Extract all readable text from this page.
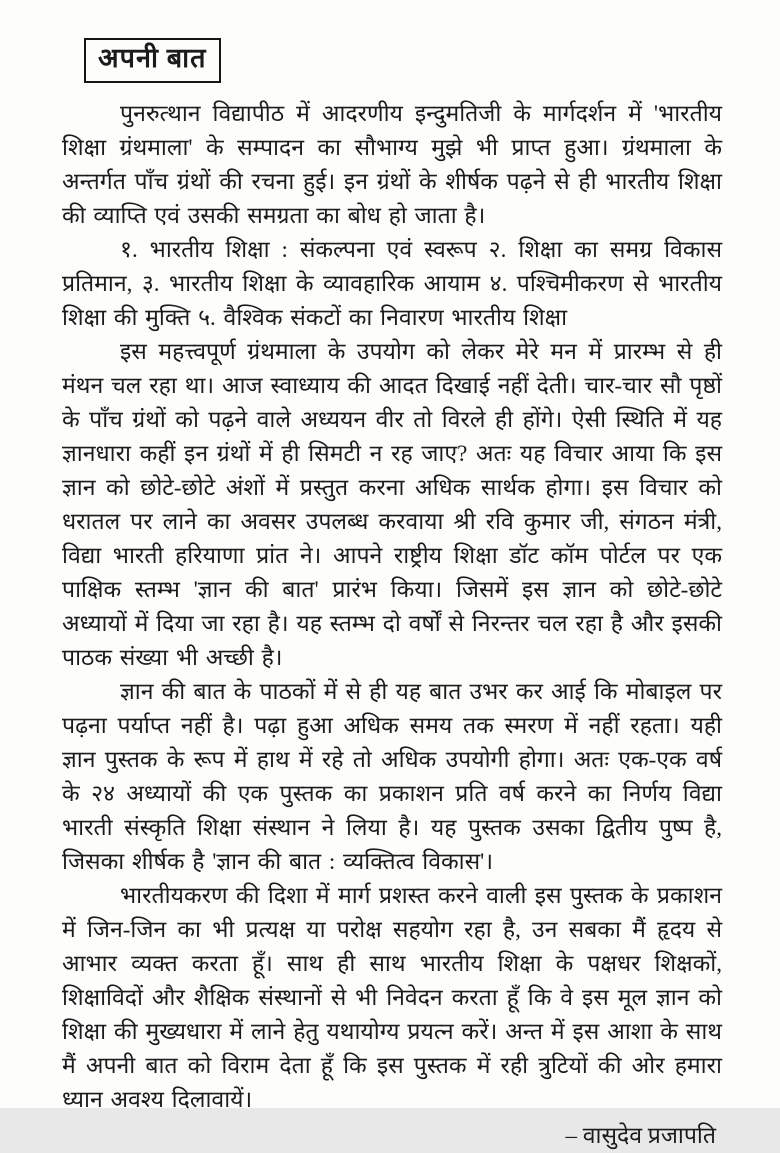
अपनी बात

पुनरुत्थान विद्यापीठ में आदरणीय इन्दुमतिजी के मार्गदर्शन में 'भारतीय शिक्षा ग्रंथमाला' के सम्पादन का सौभाग्य मुझे भी प्राप्त हुआ। ग्रंथमाला के अन्तर्गत पाँच ग्रंथों की रचना हुई। इन ग्रंथों के शीर्षक पढ़ने से ही भारतीय शिक्षा की व्याप्ति एवं उसकी समग्रता का बोध हो जाता है।

१. भारतीय शिक्षा : संकल्पना एवं स्वरूप २. शिक्षा का समग्र विकास प्रतिमान, ३. भारतीय शिक्षा के व्यावहारिक आयाम ४. पश्चिमीकरण से भारतीय शिक्षा की मुक्ति ५. वैश्विक संकटों का निवारण भारतीय शिक्षा

इस महत्त्वपूर्ण ग्रंथमाला के उपयोग को लेकर मेरे मन में प्रारम्भ से ही मंथन चल रहा था। आज स्वाध्याय की आदत दिखाई नहीं देती। चार-चार सौ पृष्ठों के पाँच ग्रंथों को पढ़ने वाले अध्ययन वीर तो विरले ही होंगे। ऐसी स्थिति में यह ज्ञानधारा कहीं इन ग्रंथों में ही सिमटी न रह जाए? अतः यह विचार आया कि इस ज्ञान को छोटे-छोटे अंशों में प्रस्तुत करना अधिक सार्थक होगा। इस विचार को धरातल पर लाने का अवसर उपलब्ध करवाया श्री रवि कुमार जी, संगठन मंत्री, विद्या भारती हरियाणा प्रांत ने। आपने राष्ट्रीय शिक्षा डॉट कॉम पोर्टल पर एक पाक्षिक स्तम्भ 'ज्ञान की बात' प्रारंभ किया। जिसमें इस ज्ञान को छोटे-छोटे अध्यायों में दिया जा रहा है। यह स्तम्भ दो वर्षों से निरन्तर चल रहा है और इसकी पाठक संख्या भी अच्छी है।

ज्ञान की बात के पाठकों में से ही यह बात उभर कर आई कि मोबाइल पर पढ़ना पर्याप्त नहीं है। पढ़ा हुआ अधिक समय तक स्मरण में नहीं रहता। यही ज्ञान पुस्तक के रूप में हाथ में रहे तो अधिक उपयोगी होगा। अतः एक-एक वर्ष के २४ अध्यायों की एक पुस्तक का प्रकाशन प्रति वर्ष करने का निर्णय विद्या भारती संस्कृति शिक्षा संस्थान ने लिया है। यह पुस्तक उसका द्वितीय पुष्प है, जिसका शीर्षक है 'ज्ञान की बात : व्यक्तित्व विकास'।

भारतीयकरण की दिशा में मार्ग प्रशस्त करने वाली इस पुस्तक के प्रकाशन में जिन-जिन का भी प्रत्यक्ष या परोक्ष सहयोग रहा है, उन सबका मैं हृदय से आभार व्यक्त करता हूँ। साथ ही साथ भारतीय शिक्षा के पक्षधर शिक्षकों, शिक्षाविदों और शैक्षिक संस्थानों से भी निवेदन करता हूँ कि वे इस मूल ज्ञान को शिक्षा की मुख्यधारा में लाने हेतु यथायोग्य प्रयत्न करें। अन्त में इस आशा के साथ मैं अपनी बात को विराम देता हूँ कि इस पुस्तक में रही त्रुटियों की ओर हमारा ध्यान अवश्य दिलावायें।

– वासुदेव प्रजापति
